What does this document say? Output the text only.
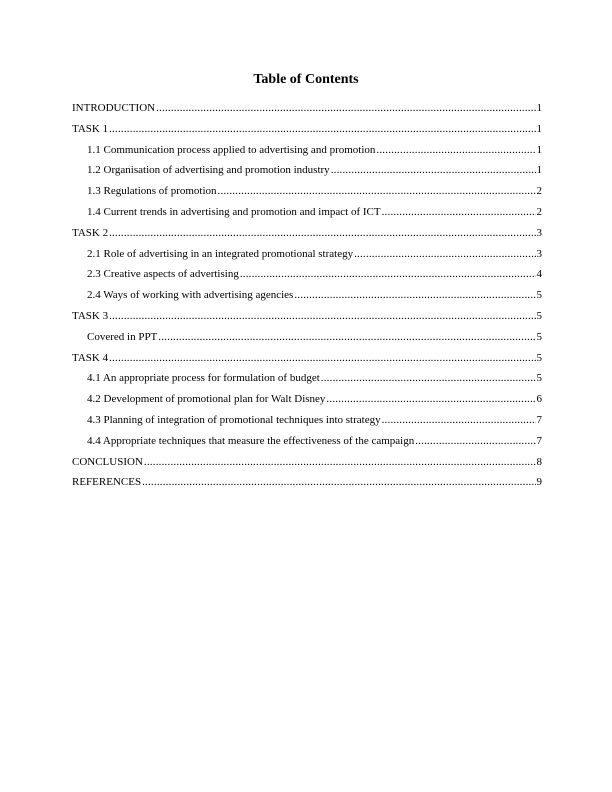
Table of Contents
INTRODUCTION .....	1
TASK 1 .....	1
1.1 Communication process applied to advertising and promotion .....	1
1.2 Organisation of advertising and promotion industry .....	1
1.3 Regulations of promotion .....	2
1.4 Current trends in advertising and promotion and impact of ICT .....	2
TASK 2 .....	3
2.1 Role of advertising in an integrated promotional strategy .....	3
2.3 Creative aspects of advertising .....	4
2.4 Ways of working with advertising agencies .....	5
TASK 3 .....	5
Covered in PPT .....	5
TASK 4 .....	5
4.1 An appropriate process for formulation of budget .....	5
4.2 Development of promotional plan for Walt Disney .....	6
4.3 Planning of integration of promotional techniques into strategy .....	7
4.4 Appropriate techniques that measure the effectiveness of the campaign .....	7
CONCLUSION .....	8
REFERENCES .....	9
